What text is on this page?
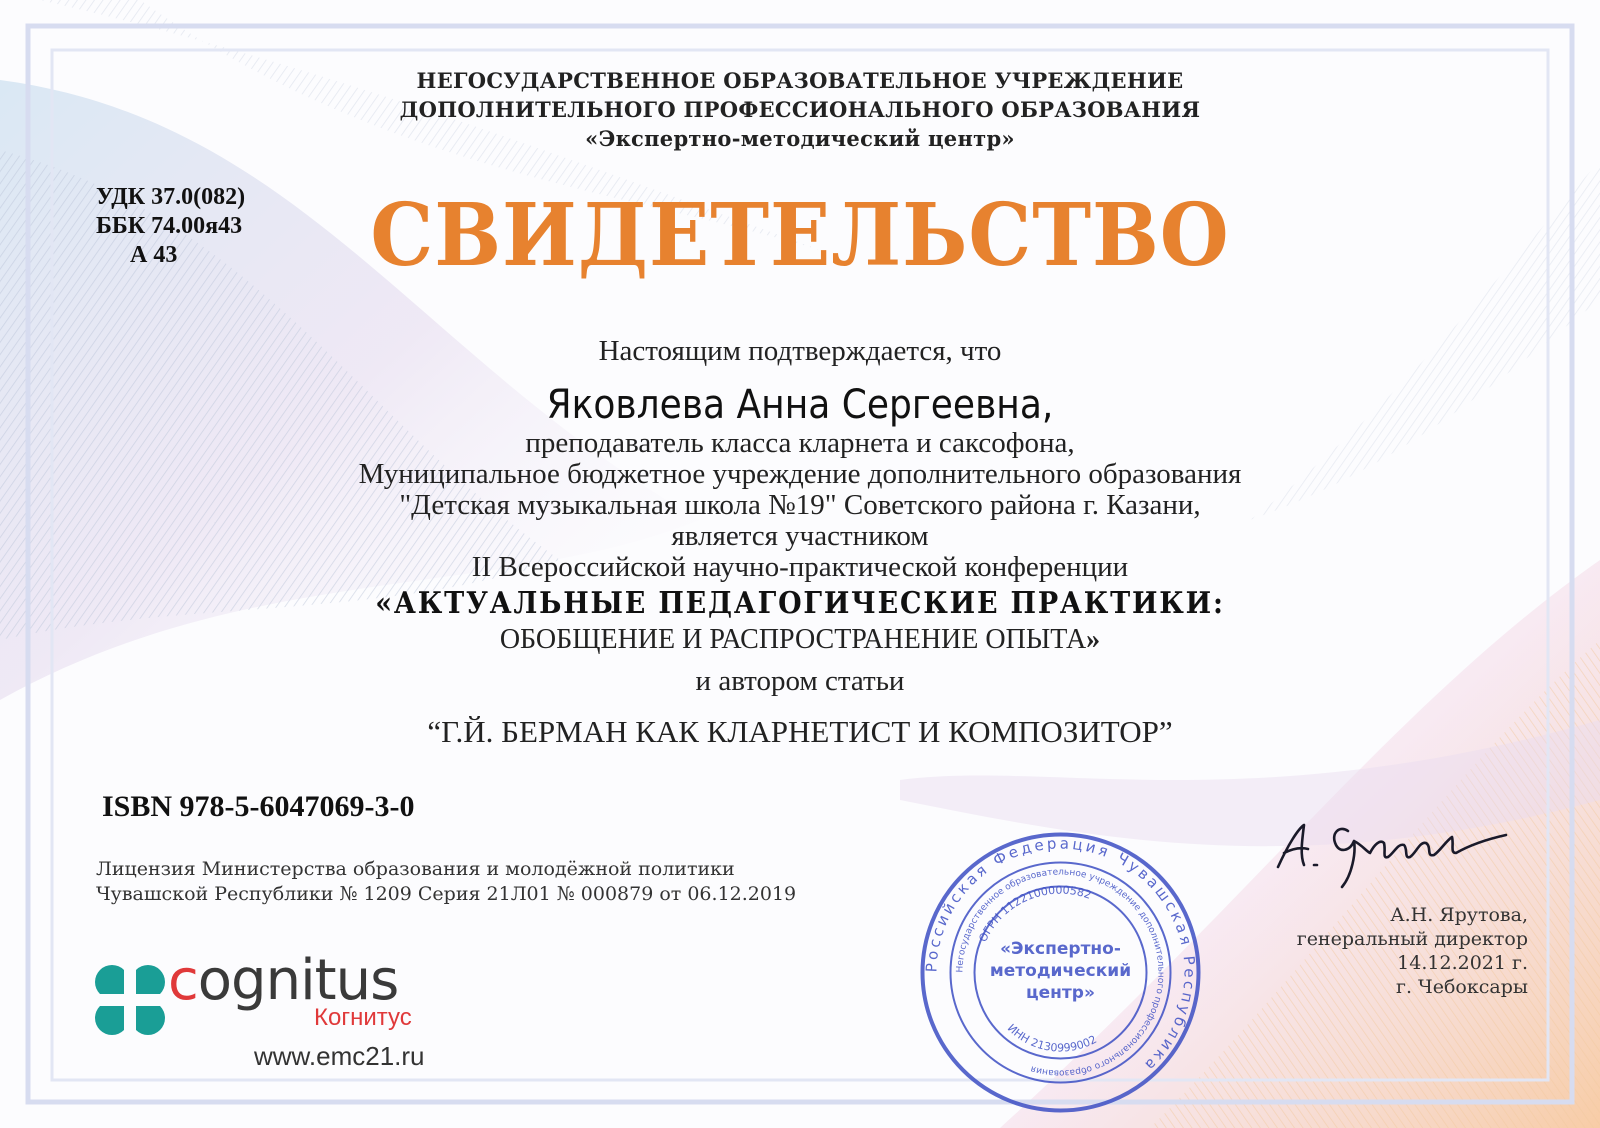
НЕГОСУДАРСТВЕННОЕ ОБРАЗОВАТЕЛЬНОЕ УЧРЕЖДЕНИЕ
ДОПОЛНИТЕЛЬНОГО ПРОФЕССИОНАЛЬНОГО ОБРАЗОВАНИЯ
«Экспертно-методический центр»
УДК 37.0(082)
ББК 74.00я43
А 43	СВИДЕТЕЛЬСТВО
Настоящим подтверждается, что
Яковлева Анна Сергеевна,
преподаватель класса кларнета и саксофона,
Муниципальное бюджетное учреждение дополнительного образования
"Детская музыкальная школа №19" Советского района г. Казани,
является участником
II Всероссийской научно-практической конференции
«АКТУАЛЬНЫЕ ПЕДАГОГИЧЕСКИЕ ПРАКТИКИ:
ОБОБЩЕНИЕ И РАСПРОСТРАНЕНИЕ ОПЫТА»
и автором статьи
“Г.Й. БЕРМАН КАК КЛАРНЕТИСТ И КОМПОЗИТОР”
ISBN 978-5-6047069-3-0
Лицензия Министерства образования и молодёжной политики
Чувашской Республики № 1209 Серия 21Л01 № 000879 от 06.12.2019
А.Н. Ярутова,
генеральный директор
14.12.2021 г.
г. Чебоксары
cognitus
Когнитус
www.emc21.ru
Российская Федерация Чувашская Республика
Негосударственное образовательное учреждение дополнительного профессионального образования
ОГРН 1122100000582
ИНН 2130999002
«Экспертно-
методический
центр»
